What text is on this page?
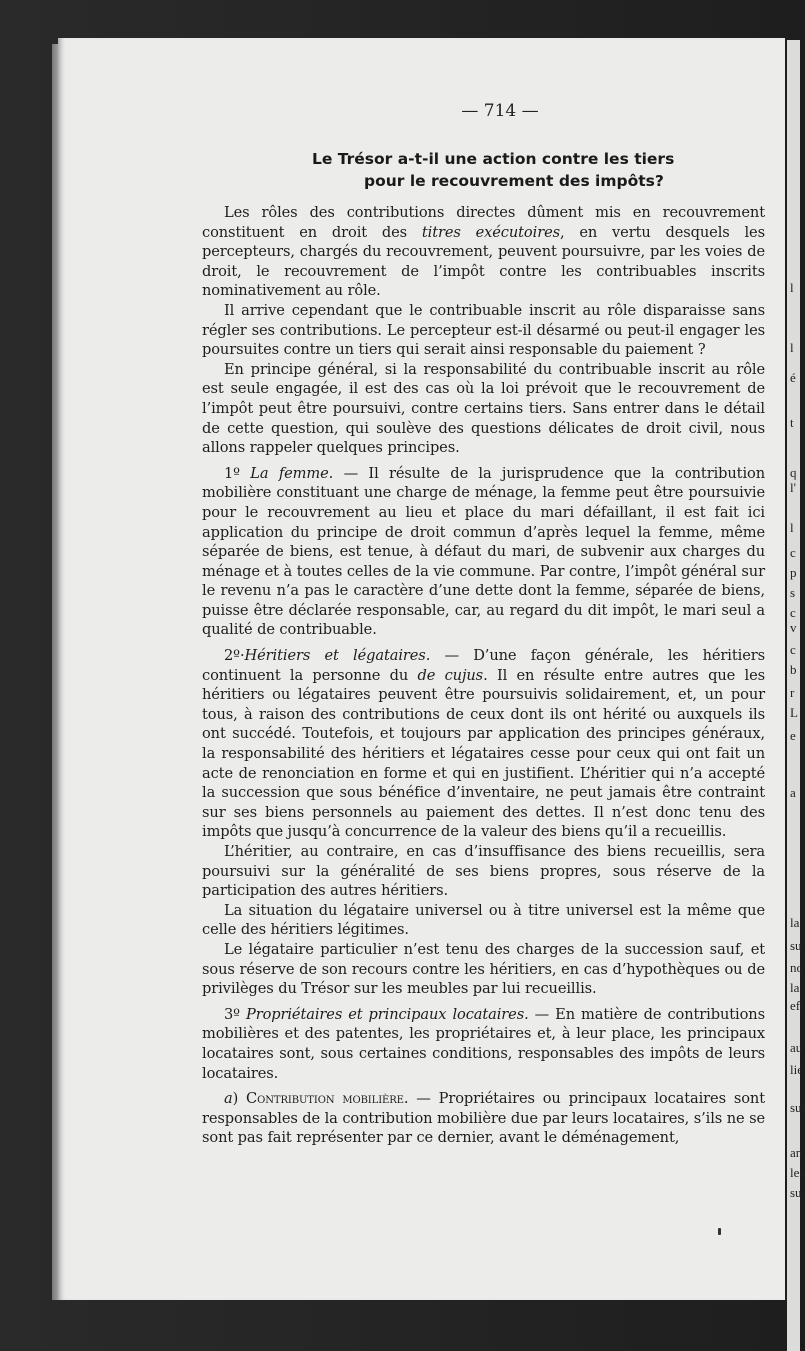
l
l
é
t
q
l'
l
c
p
s
c
v
c
b
r
L
e
a
la
su
no
la
eff
au
lie
sui
an
les
sui
— 714 —
Le Trésor a-t-il une action contre les tiers
pour le recouvrement des impôts?

Les rôles des contributions directes dûment mis en recouvrement constituent en droit des titres exécutoires, en vertu desquels les percepteurs, chargés du recouvrement, peuvent poursuivre, par les voies de droit, le recouvrement de l’impôt contre les contribuables inscrits nominativement au rôle.

Il arrive cependant que le contribuable inscrit au rôle disparaisse sans régler ses contributions. Le percepteur est-il désarmé ou peut-il engager les poursuites contre un tiers qui serait ainsi responsable du paiement ?

En principe général, si la responsabilité du contribuable inscrit au rôle est seule engagée, il est des cas où la loi prévoit que le recouvrement de l’impôt peut être poursuivi, contre certains tiers. Sans entrer dans le détail de cette question, qui soulève des questions délicates de droit civil, nous allons rappeler quelques principes.

1º La femme. — Il résulte de la jurisprudence que la contribution mobilière constituant une charge de ménage, la femme peut être poursuivie pour le recouvrement au lieu et place du mari défaillant, il est fait ici application du principe de droit commun d’après lequel la femme, même séparée de biens, est tenue, à défaut du mari, de subvenir aux charges du ménage et à toutes celles de la vie commune. Par contre, l’impôt général sur le revenu n’a pas le caractère d’une dette dont la femme, séparée de biens, puisse être déclarée responsable, car, au regard du dit impôt, le mari seul a qualité de contribuable.

2º·Héritiers et légataires. — D’une façon générale, les héritiers continuent la personne du de cujus. Il en résulte entre autres que les héritiers ou légataires peuvent être poursuivis solidairement, et, un pour tous, à raison des contributions de ceux dont ils ont hérité ou auxquels ils ont succédé. Toutefois, et toujours par application des principes généraux, la responsabilité des héritiers et légataires cesse pour ceux qui ont fait un acte de renonciation en forme et qui en justifient. L’héritier qui n’a accepté la succession que sous bénéfice d’inventaire, ne peut jamais être contraint sur ses biens personnels au paiement des dettes. Il n’est donc tenu des impôts que jusqu’à concurrence de la valeur des biens qu’il a recueillis.

L’héritier, au contraire, en cas d’insuffisance des biens recueillis, sera poursuivi sur la généralité de ses biens propres, sous réserve de la participation des autres héritiers.

La situation du légataire universel ou à titre universel est la même que celle des héritiers légitimes.

Le légataire particulier n’est tenu des charges de la succession sauf, et sous réserve de son recours contre les héritiers, en cas d’hypothèques ou de privilèges du Trésor sur les meubles par lui recueillis.

3º Propriétaires et principaux locataires. — En matière de contributions mobilières et des patentes, les propriétaires et, à leur place, les principaux locataires sont, sous certaines conditions, responsables des impôts de leurs locataires.

a) Contribution mobilière. — Propriétaires ou principaux locataires sont responsables de la contribution mobilière due par leurs locataires, s’ils ne se sont pas fait représenter par ce dernier, avant le déménagement,
